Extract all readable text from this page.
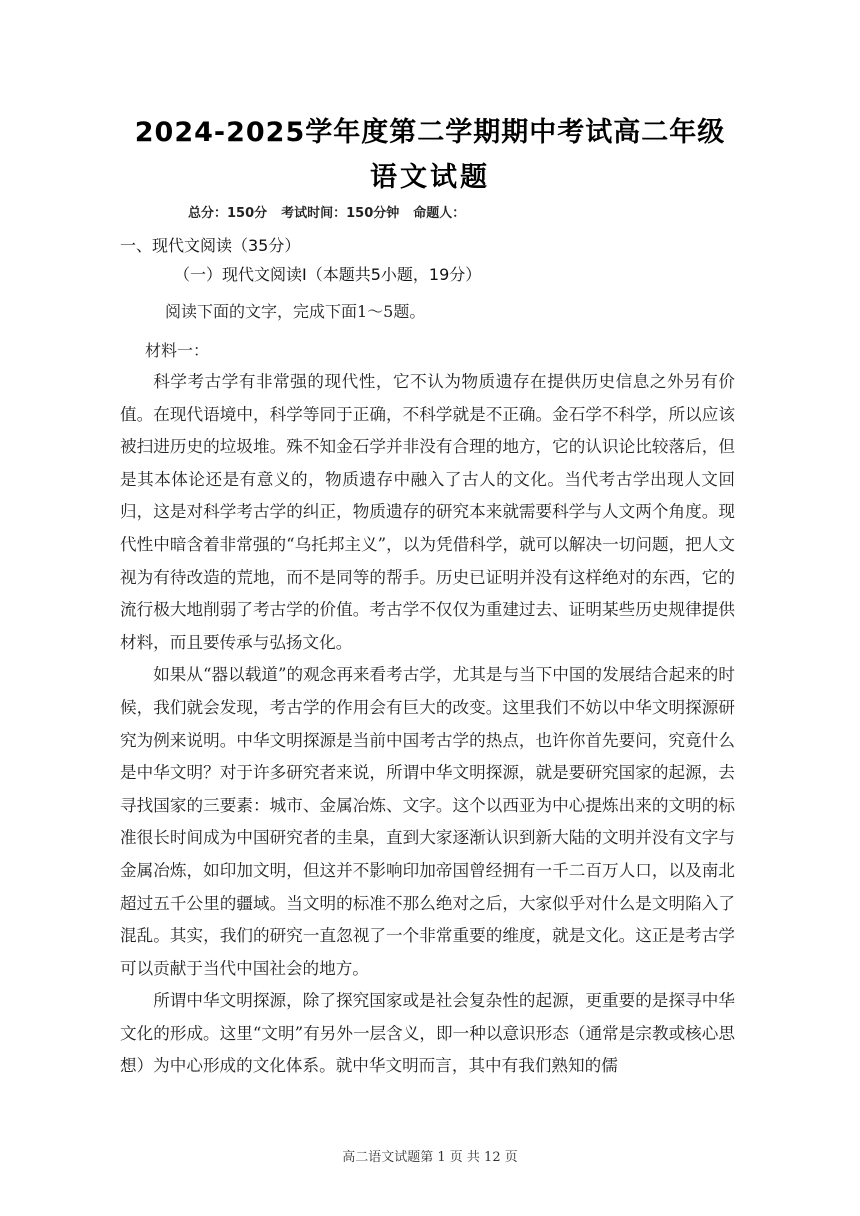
2024-2025学年度第二学期期中考试高二年级
语文试题
总分：150分 考试时间：150分钟 命题人：
一、现代文阅读（35分）
（一）现代文阅读Ⅰ（本题共5小题，19分）
阅读下面的文字，完成下面1～5题。
材料一：

科学考古学有非常强的现代性，它不认为物质遗存在提供历史信息之外另有价值。在现代语境中，科学等同于正确，不科学就是不正确。金石学不科学，所以应该被扫进历史的垃圾堆。殊不知金石学并非没有合理的地方，它的认识论比较落后，但是其本体论还是有意义的，物质遗存中融入了古人的文化。当代考古学出现人文回归，这是对科学考古学的纠正，物质遗存的研究本来就需要科学与人文两个角度。现代性中暗含着非常强的“乌托邦主义”，以为凭借科学，就可以解决一切问题，把人文视为有待改造的荒地，而不是同等的帮手。历史已证明并没有这样绝对的东西，它的流行极大地削弱了考古学的价值。考古学不仅仅为重建过去、证明某些历史规律提供材料，而且要传承与弘扬文化。

如果从“器以载道”的观念再来看考古学，尤其是与当下中国的发展结合起来的时候，我们就会发现，考古学的作用会有巨大的改变。这里我们不妨以中华文明探源研究为例来说明。中华文明探源是当前中国考古学的热点，也许你首先要问，究竟什么是中华文明？对于许多研究者来说，所谓中华文明探源，就是要研究国家的起源，去寻找国家的三要素：城市、金属冶炼、文字。这个以西亚为中心提炼出来的文明的标准很长时间成为中国研究者的圭臬，直到大家逐渐认识到新大陆的文明并没有文字与金属冶炼，如印加文明，但这并不影响印加帝国曾经拥有一千二百万人口，以及南北超过五千公里的疆域。当文明的标准不那么绝对之后，大家似乎对什么是文明陷入了混乱。其实，我们的研究一直忽视了一个非常重要的维度，就是文化。这正是考古学可以贡献于当代中国社会的地方。

所谓中华文明探源，除了探究国家或是社会复杂性的起源，更重要的是探寻中华文化的形成。这里“文明”有另外一层含义，即一种以意识形态（通常是宗教或核心思想）为中心形成的文化体系。就中华文明而言，其中有我们熟知的儒

高二语文试题第 1 页 共 12 页
